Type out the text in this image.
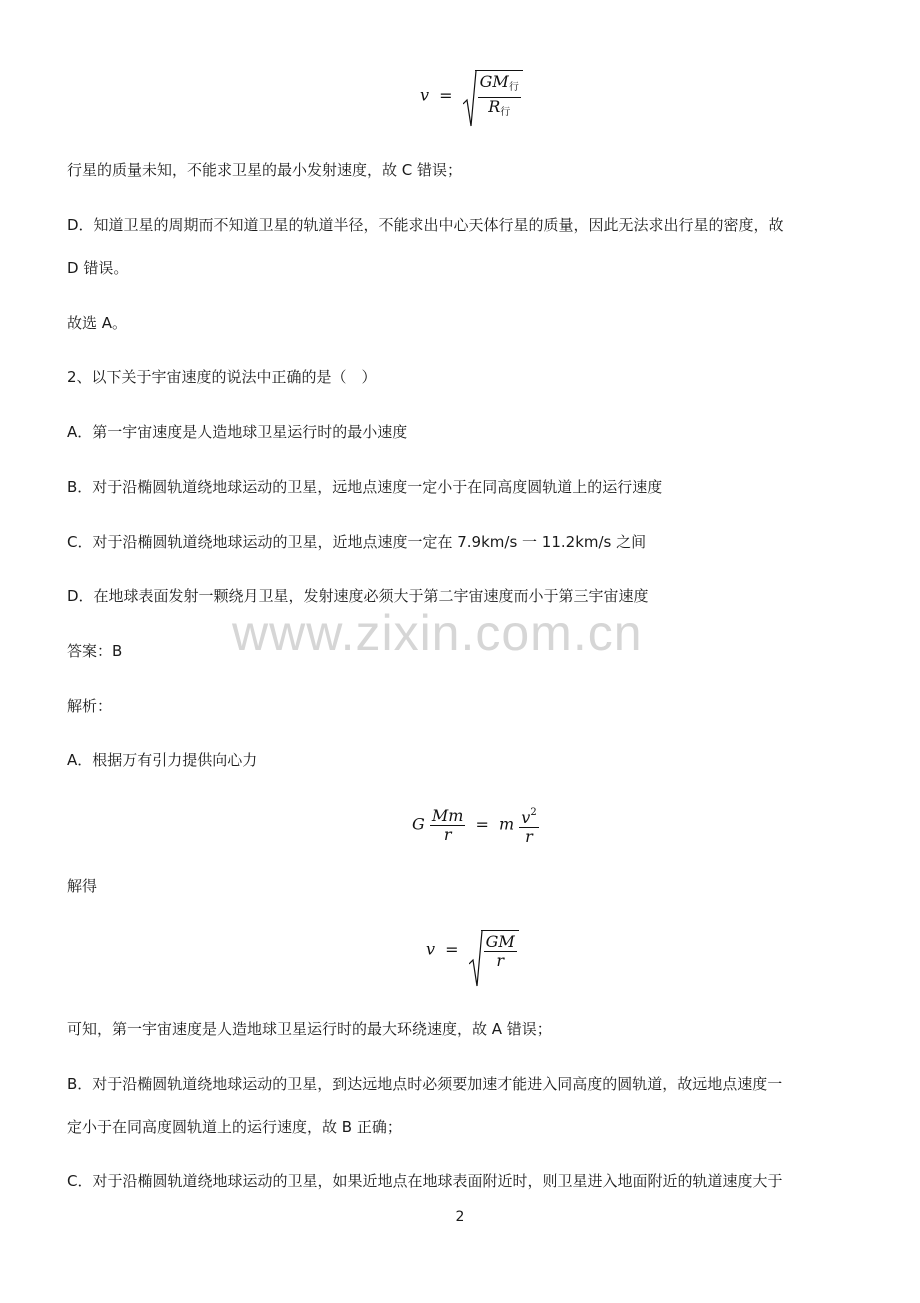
$v = \frac{GM_行}{R_行}$
行星的质量未知，不能求卫星的最小发射速度，故 C 错误；
D．知道卫星的周期而不知道卫星的轨道半径，不能求出中心天体行星的质量，因此无法求出行星的密度，故
D 错误。
故选 A。
2、以下关于宇宙速度的说法中正确的是（　）
A．第一宇宙速度是人造地球卫星运行时的最小速度
B．对于沿椭圆轨道绕地球运动的卫星，远地点速度一定小于在同高度圆轨道上的运行速度
C．对于沿椭圆轨道绕地球运动的卫星，近地点速度一定在 7.9km/s 一 11.2km/s 之间
D．在地球表面发射一颗绕月卫星，发射速度必须大于第二宇宙速度而小于第三宇宙速度
www.zixin.com.cn
答案：B
解析：
A．根据万有引力提供向心力
G $\frac{Mm}{r} = m \frac{v^2}{r}$
解得
$v = \frac{GM}{r}$
可知，第一宇宙速度是人造地球卫星运行时的最大环绕速度，故 A 错误；
B．对于沿椭圆轨道绕地球运动的卫星，到达远地点时必须要加速才能进入同高度的圆轨道，故远地点速度一
定小于在同高度圆轨道上的运行速度，故 B 正确；
C．对于沿椭圆轨道绕地球运动的卫星，如果近地点在地球表面附近时，则卫星进入地面附近的轨道速度大于
2
